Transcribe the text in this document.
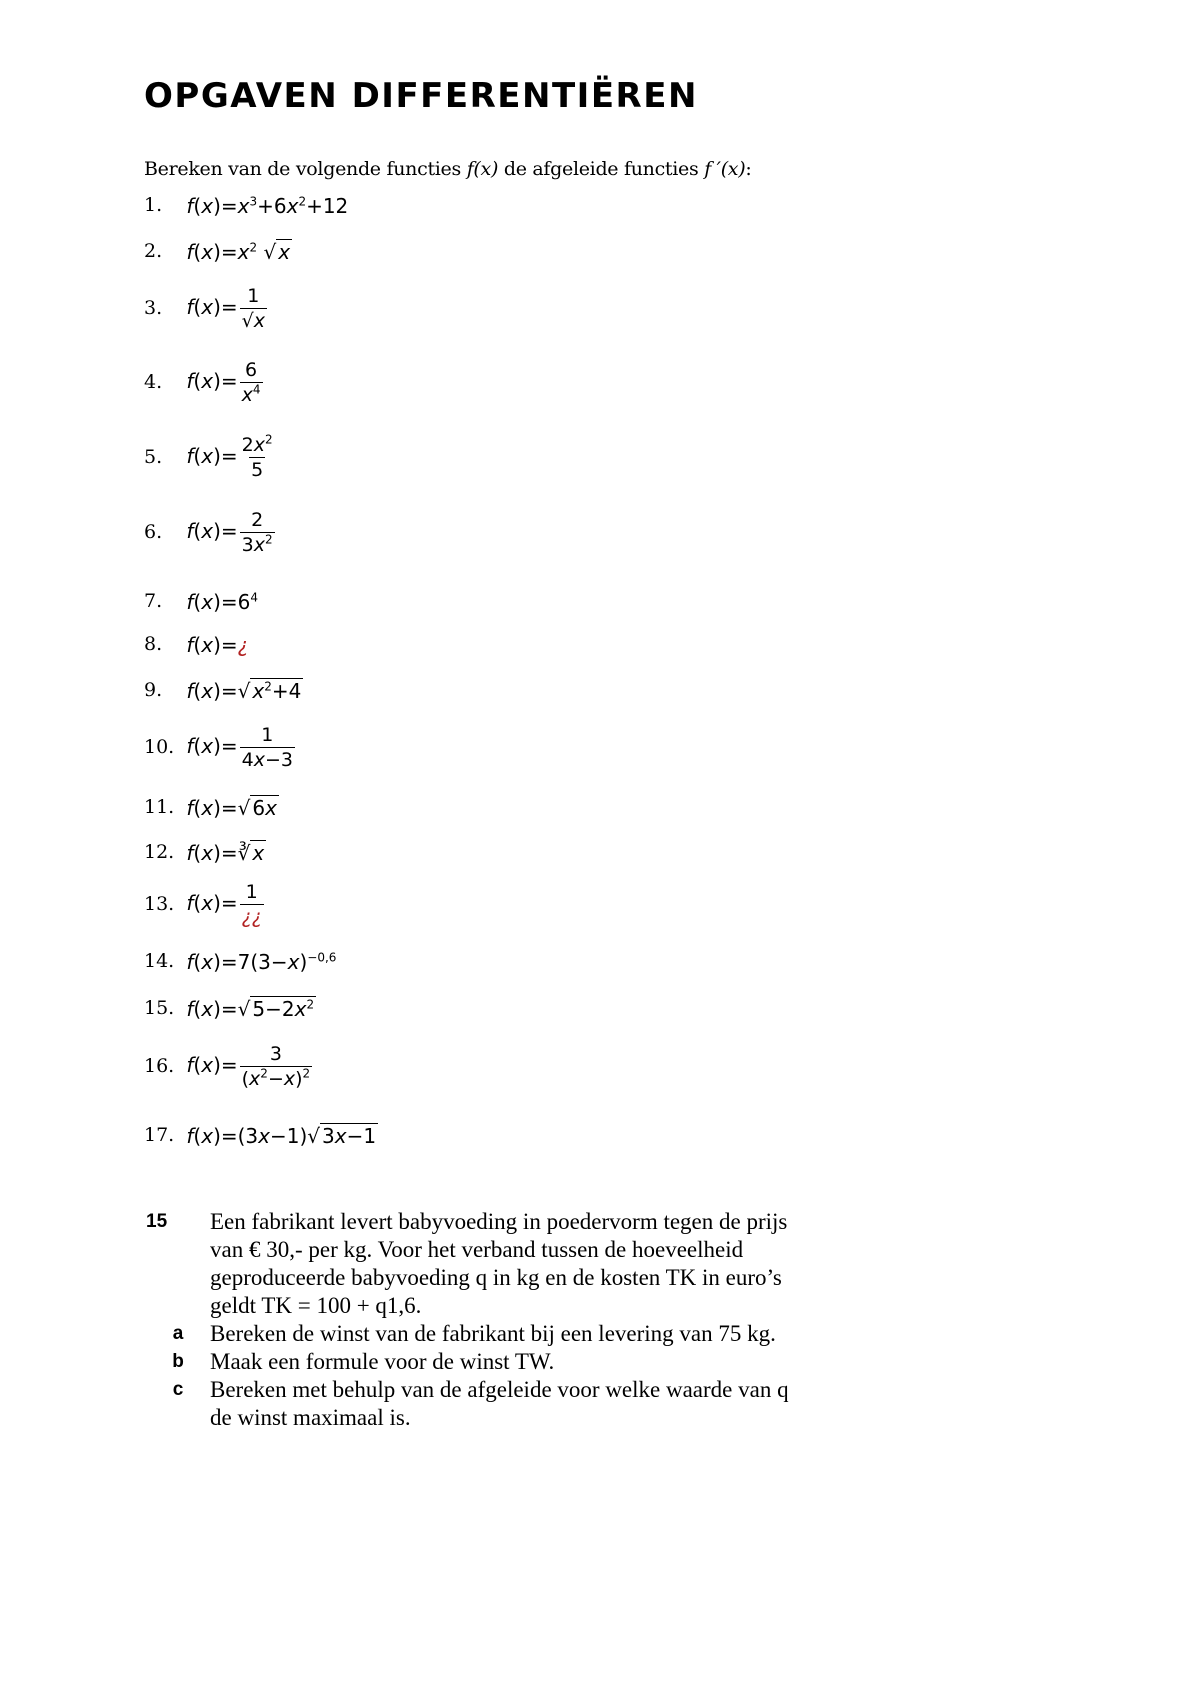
OPGAVEN DIFFERENTIËREN
Bereken van de volgende functies f(x) de afgeleide functies f ′(x):
1. $f(x)=x^3+6x^2+12$
2. $f(x)=x^2$ √ x
3. $f(x)= \frac{1}{√x}$
4. $f(x)= \frac{6}{x^4}$
5. $f(x)= \frac{2x^2}{5}$
6. $f(x)= \frac{2}{3x^2}$
7. $f(x)=6^4$
8. f(x)=¿
9. f(x)=√ $x^2+4$
10. $f(x)= \frac{1}{4x-3}$
11. f(x)=√ 6x
12. f(x)=∛ x
13. $f(x)= \frac{1}{¿¿}$
14. $f(x)=7(3-x)^{-0,6}$
15. f(x)=√ $5-2x^2$
16. $f(x)= \frac{3}{(x^2-x)^2}$
17. f(x)=(3x−1)√ 3x−1
15	Een fabrikant levert babyvoeding in poedervorm tegen de prijs
van € 30,- per kg. Voor het verband tussen de hoeveelheid
geproduceerde babyvoeding q in kg en de kosten TK in euro’s
geldt TK = 100 + q1,6.
a	Bereken de winst van de fabrikant bij een levering van 75 kg.
b	Maak een formule voor de winst TW.
c	Bereken met behulp van de afgeleide voor welke waarde van q
de winst maximaal is.
